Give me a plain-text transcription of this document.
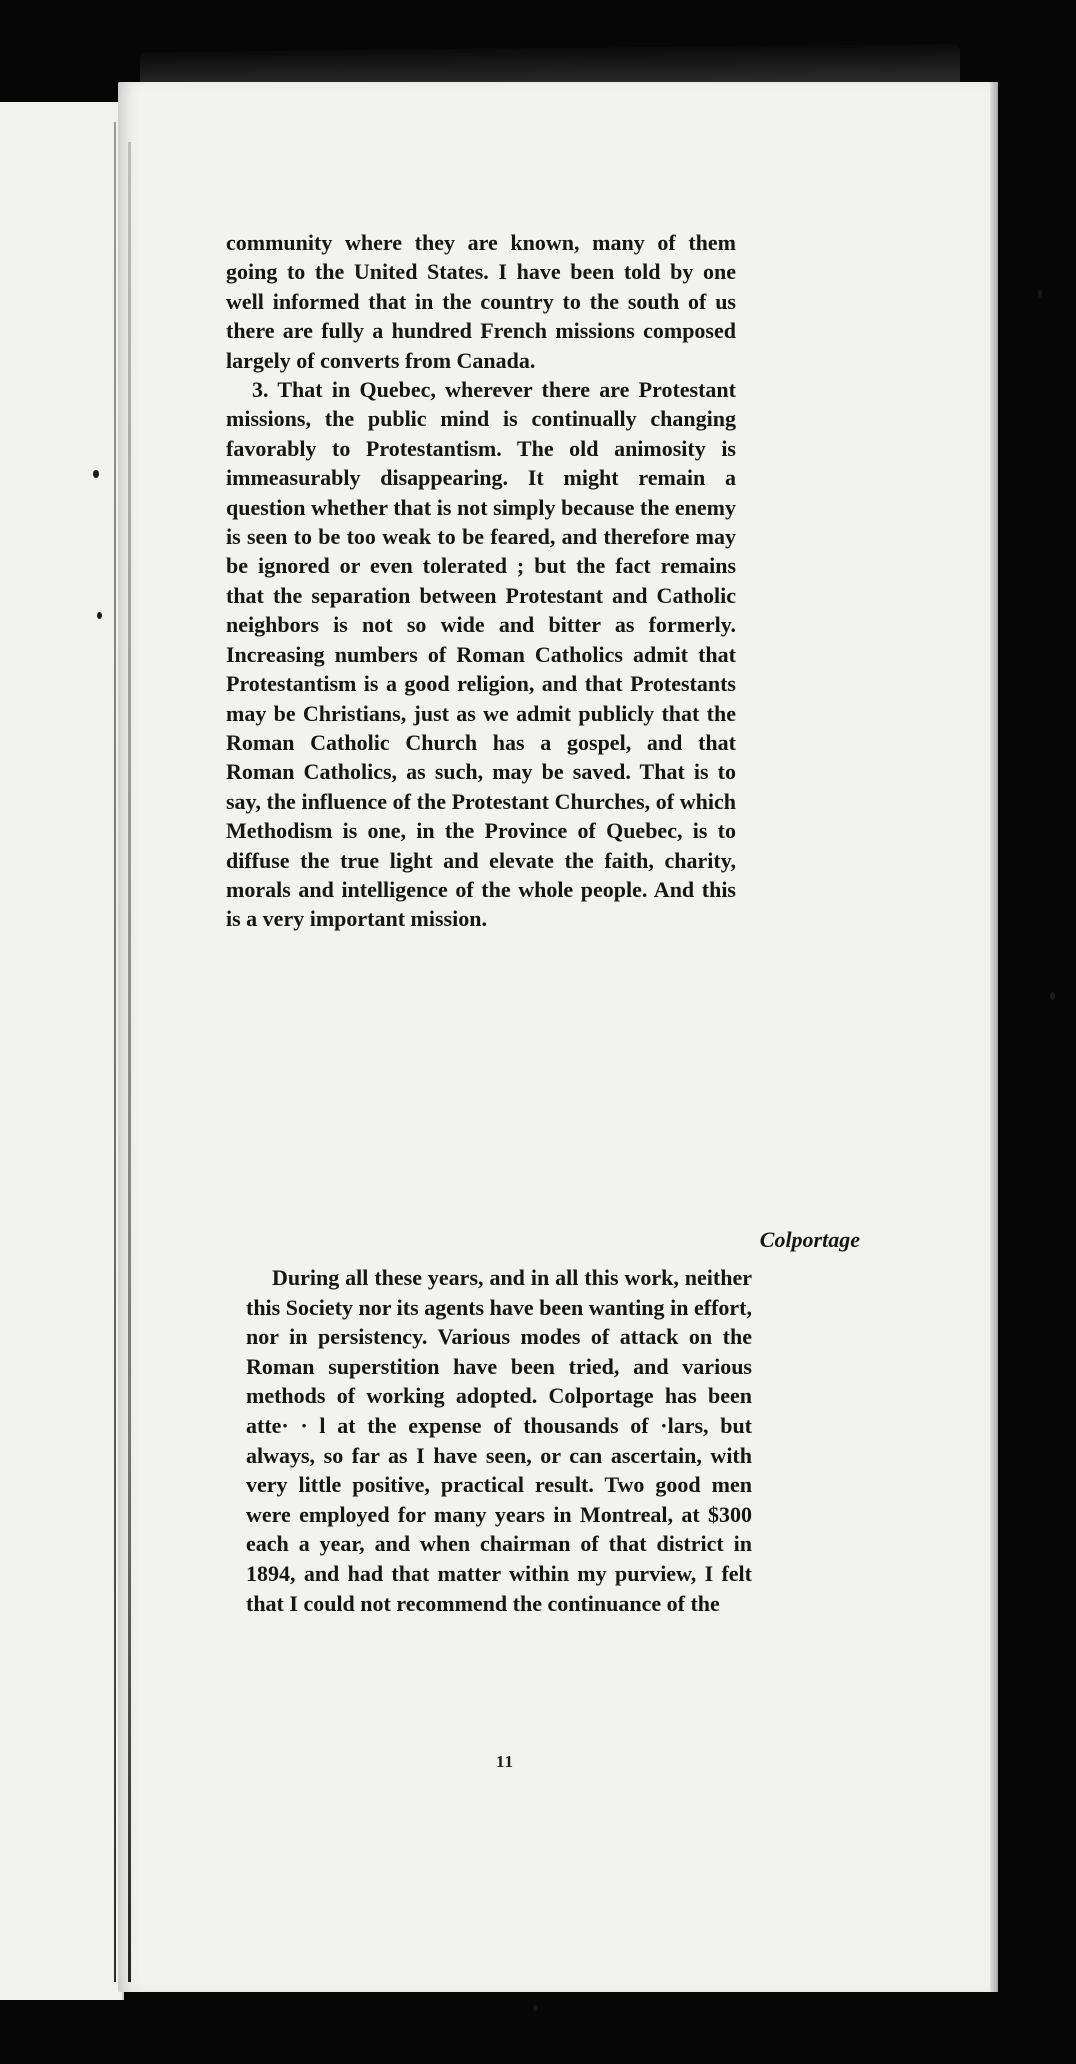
community where they are known, many of them going to the United States. I have been told by one well informed that in the country to the south of us there are fully a hundred French missions composed largely of converts from Canada.

3. That in Quebec, wherever there are Protestant missions, the public mind is continually changing favorably to Protestantism. The old animosity is immeasurably disappearing. It might remain a question whether that is not simply because the enemy is seen to be too weak to be feared, and therefore may be ignored or even tolerated ; but the fact remains that the separation between Protestant and Catholic neighbors is not so wide and bitter as formerly. Increasing numbers of Roman Catholics admit that Protestantism is a good religion, and that Protestants may be Christians, just as we admit publicly that the Roman Catholic Church has a gospel, and that Roman Catholics, as such, may be saved. That is to say, the influence of the Protestant Churches, of which Methodism is one, in the Province of Quebec, is to diffuse the true light and elevate the faith, charity, morals and intelligence of the whole people. And this is a very important mission.

Colportage

During all these years, and in all this work, neither this Society nor its agents have been wanting in effort, nor in persistency. Various modes of attack on the Roman superstition have been tried, and various methods of working adopted. Colportage has been atte· · l at the expense of thousands of ·lars, but always, so far as I have seen, or can ascertain, with very little positive, practical result. Two good men were employed for many years in Montreal, at $300 each a year, and when chairman of that district in 1894, and had that matter within my purview, I felt that I could not recommend the continuance of the

11
